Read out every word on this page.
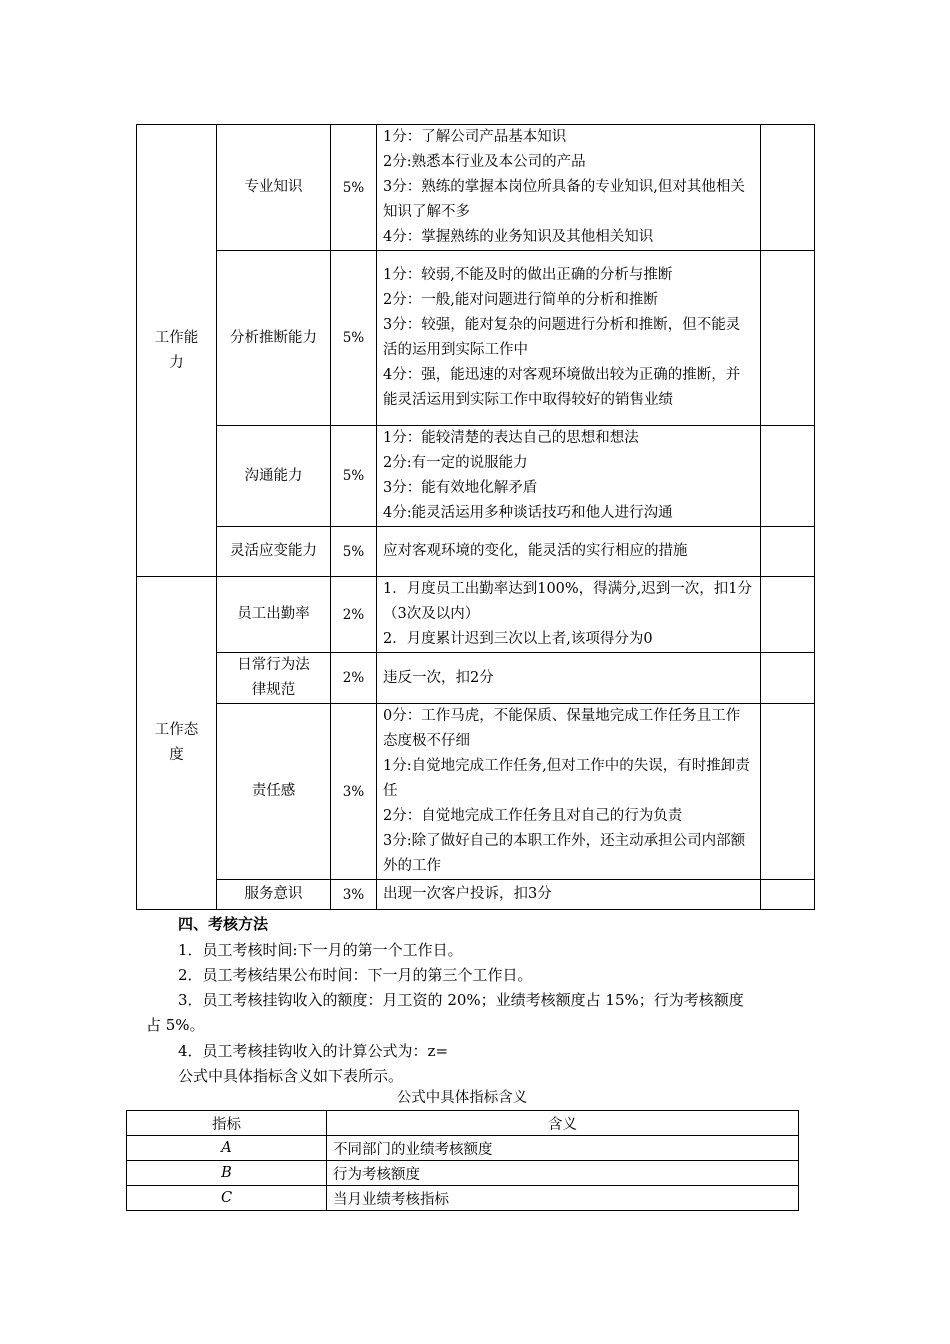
工作能力	专业知识	5%	1分：了解公司产品基本知识
2分:熟悉本行业及本公司的产品
3分：熟练的掌握本岗位所具备的专业知识,但对其他相关知识了解不多
4分：掌握熟练的业务知识及其他相关知识	

	分析推断能力	5%	1分：较弱,不能及时的做出正确的分析与推断
2分：一般,能对问题进行简单的分析和推断
3分：较强，能对复杂的问题进行分析和推断，但不能灵活的运用到实际工作中
4分：强，能迅速的对客观环境做出较为正确的推断，并能灵活运用到实际工作中取得较好的销售业绩	

	沟通能力	5%	1分：能较清楚的表达自己的思想和想法
2分:有一定的说服能力
3分：能有效地化解矛盾
4分:能灵活运用多种谈话技巧和他人进行沟通	

	灵活应变能力	5%	应对客观环境的变化，能灵活的实行相应的措施	

工作态度	员工出勤率	2%	1．月度员工出勤率达到100%，得满分,迟到一次，扣1分（3次及以内）
2．月度累计迟到三次以上者,该项得分为0	

	日常行为法律规范	2%	违反一次，扣2分	

	责任感	3%	0分：工作马虎，不能保质、保量地完成工作任务且工作态度极不仔细
1分:自觉地完成工作任务,但对工作中的失误，有时推卸责任
2分：自觉地完成工作任务且对自己的行为负责
3分:除了做好自己的本职工作外，还主动承担公司内部额外的工作	

	服务意识	3%	出现一次客户投诉，扣3分	

四、考核方法
1．员工考核时间:下一月的第一个工作日。
2．员工考核结果公布时间：下一月的第三个工作日。
3．员工考核挂钩收入的额度：月工资的 20%；业绩考核额度占 15%；行为考核额度
占 5%。
4．员工考核挂钩收入的计算公式为：z=
公式中具体指标含义如下表所示。
公式中具体指标含义
指标	含义
A	不同部门的业绩考核额度
B	行为考核额度
C	当月业绩考核指标
